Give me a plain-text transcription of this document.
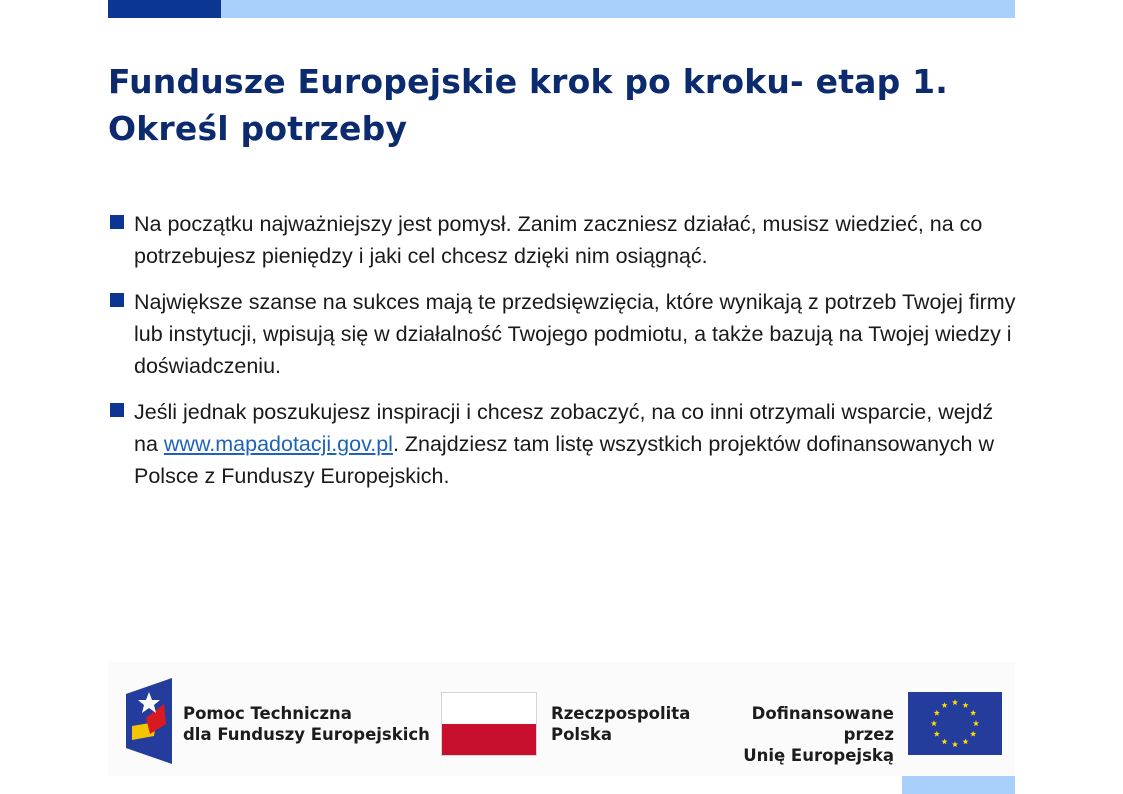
Fundusze Europejskie krok po kroku- etap 1. Określ potrzeby
Na początku najważniejszy jest pomysł. Zanim zaczniesz działać, musisz wiedzieć, na co potrzebujesz pieniędzy i jaki cel chcesz dzięki nim osiągnąć.
Największe szanse na sukces mają te przedsięwzięcia, które wynikają z potrzeb Twojej firmy lub instytucji, wpisują się w działalność Twojego podmiotu, a także bazują na Twojej wiedzy i doświadczeniu.
Jeśli jednak poszukujesz inspiracji i chcesz zobaczyć, na co inni otrzymali wsparcie, wejdź na www.mapadotacji.gov.pl. Znajdziesz tam listę wszystkich projektów dofinansowanych w Polsce z Funduszy Europejskich.
Pomoc Techniczna
dla Funduszy Europejskich
Rzeczpospolita
Polska
Dofinansowane przez
Unię Europejską
